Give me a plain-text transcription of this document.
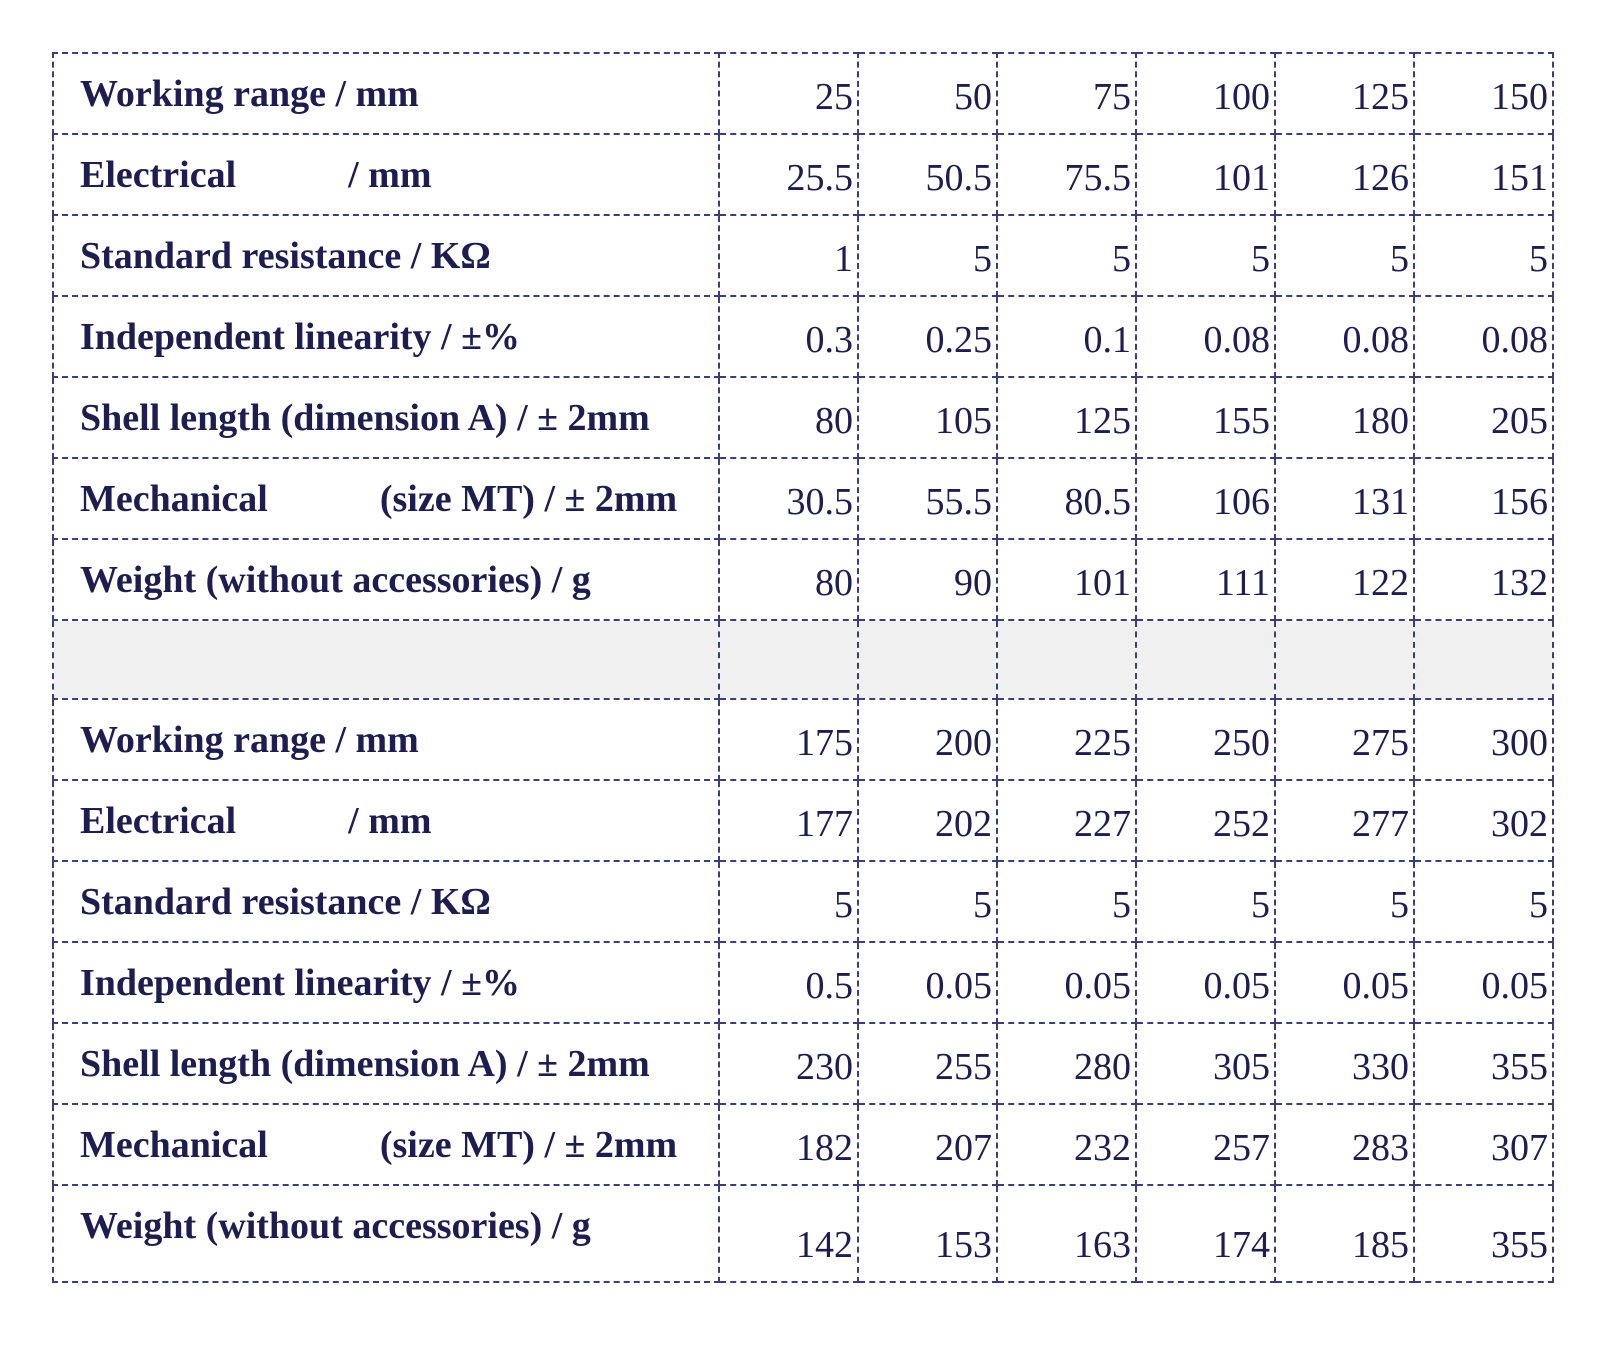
Working range / mm	25	50	75	100	125	150
Electrical / mm	25.5	50.5	75.5	101	126	151
Standard resistance / KΩ	1	5	5	5	5	5
Independent linearity / ±%	0.3	0.25	0.1	0.08	0.08	0.08
Shell length (dimension A) / ± 2mm	80	105	125	155	180	205
Mechanical (size MT) / ± 2mm	30.5	55.5	80.5	106	131	156
Weight (without accessories) / g	80	90	101	111	122	132

Working range / mm	175	200	225	250	275	300
Electrical / mm	177	202	227	252	277	302
Standard resistance / KΩ	5	5	5	5	5	5
Independent linearity / ±%	0.5	0.05	0.05	0.05	0.05	0.05
Shell length (dimension A) / ± 2mm	230	255	280	305	330	355
Mechanical (size MT) / ± 2mm	182	207	232	257	283	307
Weight (without accessories) / g	142	153	163	174	185	355
